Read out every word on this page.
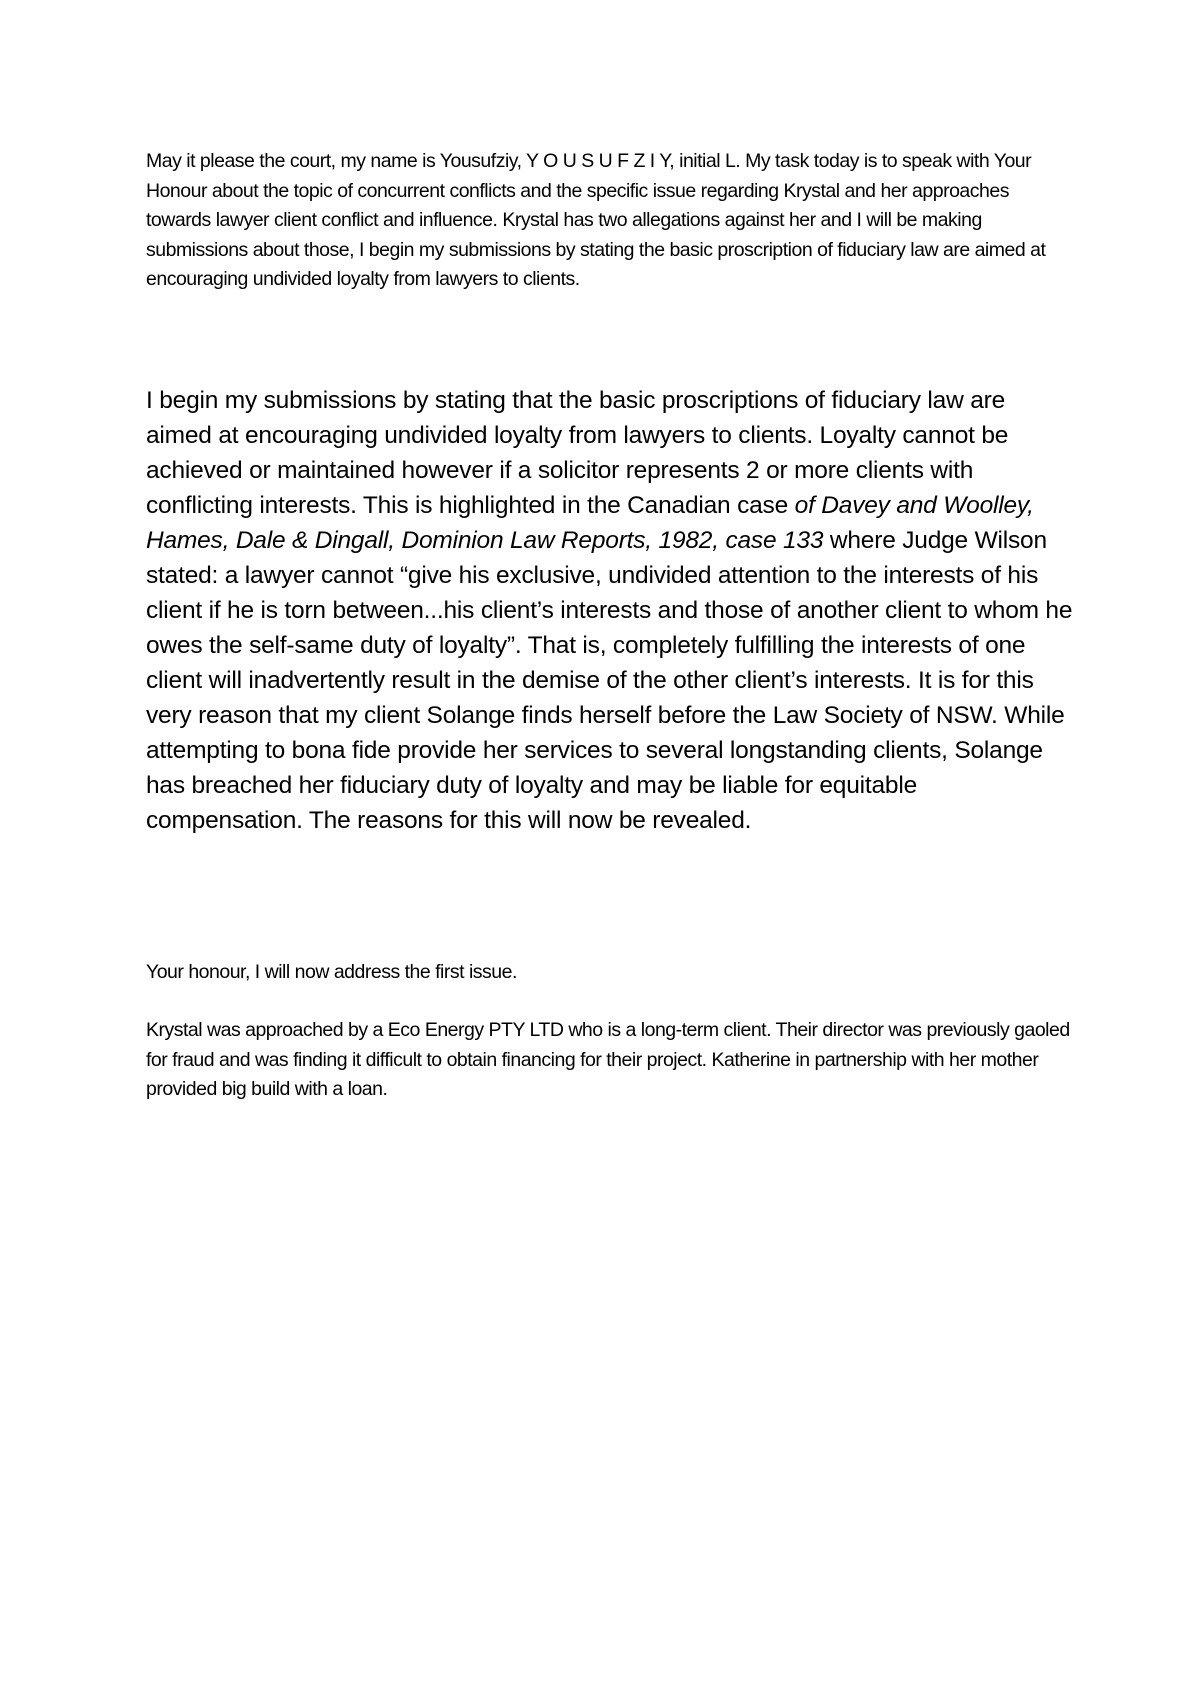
May it please the court, my name is Yousufziy, Y O U S U F Z I Y, initial L. My task today is to speak with Your Honour about the topic of concurrent conflicts and the specific issue regarding Krystal and her approaches towards lawyer client conflict and influence. Krystal has two allegations against her and I will be making submissions about those, I begin my submissions by stating the basic proscription of fiduciary law are aimed at encouraging undivided loyalty from lawyers to clients.

I begin my submissions by stating that the basic proscriptions of fiduciary law are aimed at encouraging undivided loyalty from lawyers to clients. Loyalty cannot be achieved or maintained however if a solicitor represents 2 or more clients with conflicting interests. This is highlighted in the Canadian case of Davey and Woolley, Hames, Dale & Dingall, Dominion Law Reports, 1982, case 133 where Judge Wilson stated: a lawyer cannot “give his exclusive, undivided attention to the interests of his client if he is torn between...his client’s interests and those of another client to whom he owes the self-same duty of loyalty”. That is, completely fulfilling the interests of one client will inadvertently result in the demise of the other client’s interests. It is for this very reason that my client Solange finds herself before the Law Society of NSW. While attempting to bona fide provide her services to several longstanding clients, Solange has breached her fiduciary duty of loyalty and may be liable for equitable compensation. The reasons for this will now be revealed.

Your honour, I will now address the first issue.

Krystal was approached by a Eco Energy PTY LTD who is a long-term client. Their director was previously gaoled for fraud and was finding it difficult to obtain financing for their project. Katherine in partnership with her mother provided big build with a loan.
